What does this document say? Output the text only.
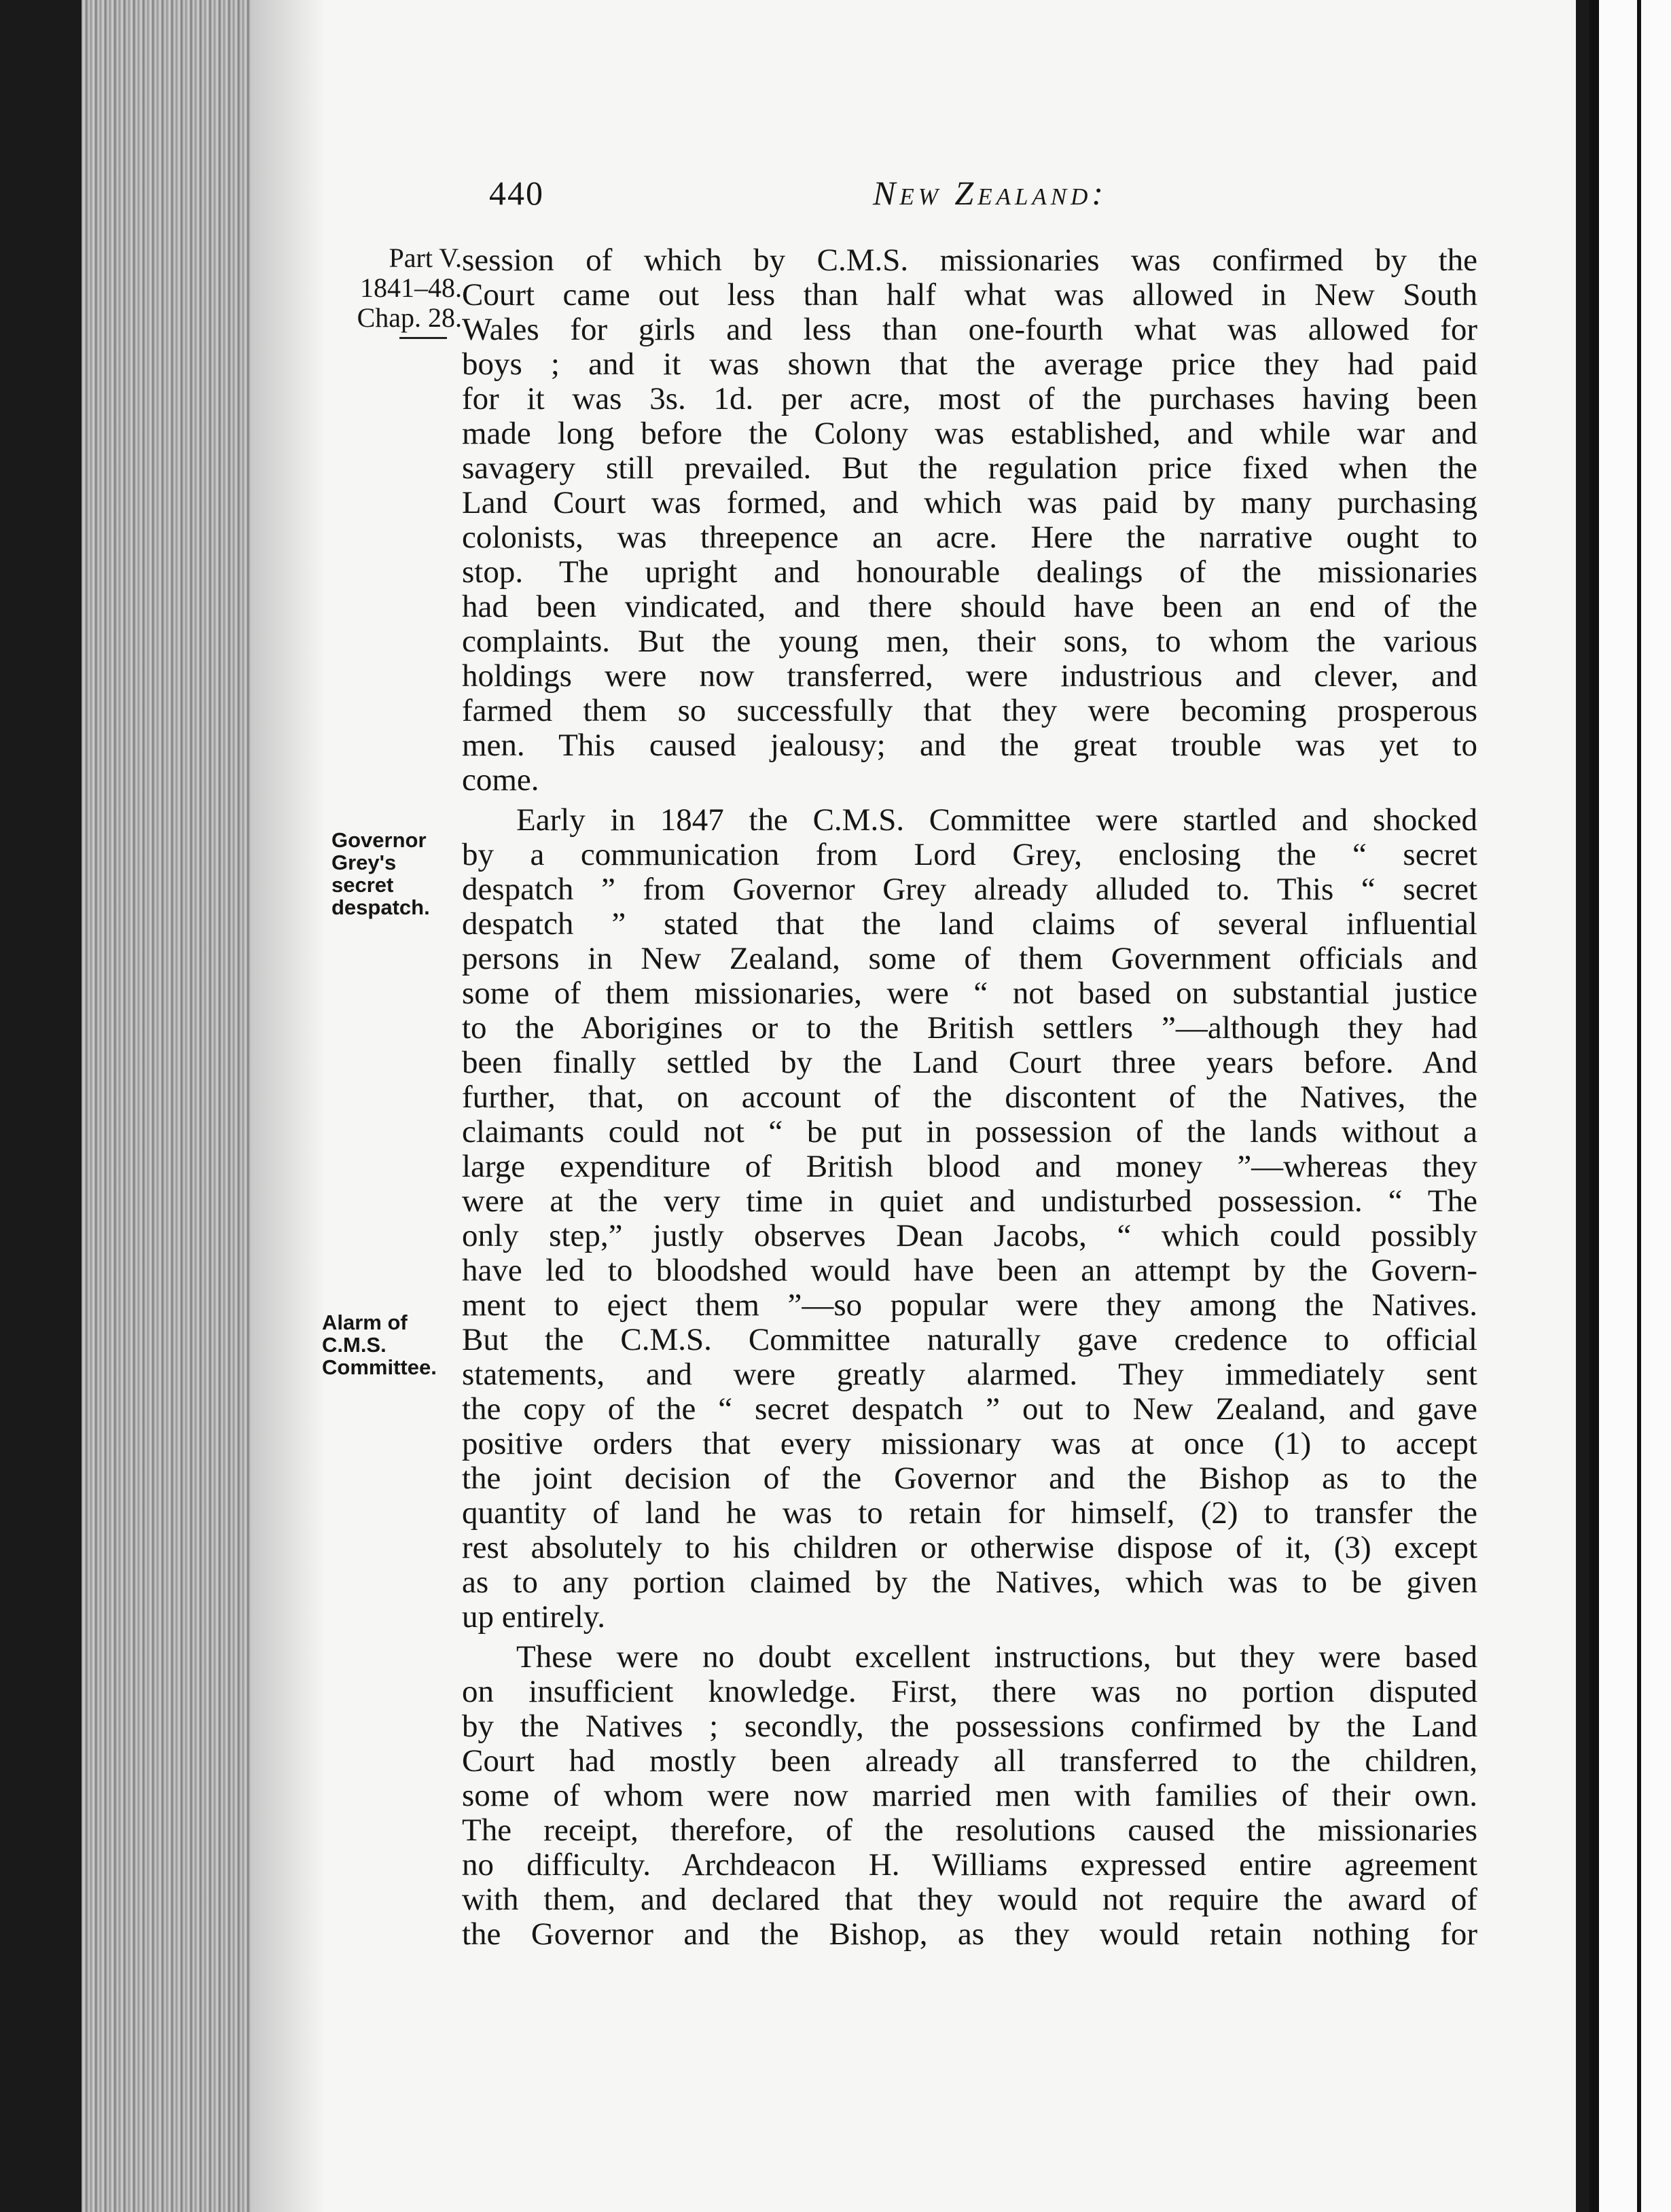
440	New Zealand:
Part V.
1841–48.
Chap. 28.
Governor
Grey's
secret
despatch.
Alarm of
C.M.S.
Committee.
session of which by C.M.S. missionaries was confirmed by the
Court came out less than half what was allowed in New South
Wales for girls and less than one-fourth what was allowed for
boys ; and it was shown that the average price they had paid
for it was 3s. 1d. per acre, most of the purchases having been
made long before the Colony was established, and while war and
savagery still prevailed. But the regulation price fixed when the
Land Court was formed, and which was paid by many purchasing
colonists, was threepence an acre. Here the narrative ought to
stop. The upright and honourable dealings of the missionaries
had been vindicated, and there should have been an end of the
complaints. But the young men, their sons, to whom the various
holdings were now transferred, were industrious and clever, and
farmed them so successfully that they were becoming prosperous
men. This caused jealousy; and the great trouble was yet to
come.
Early in 1847 the C.M.S. Committee were startled and shocked
by a communication from Lord Grey, enclosing the “ secret
despatch ” from Governor Grey already alluded to. This “ secret
despatch ” stated that the land claims of several influential
persons in New Zealand, some of them Government officials and
some of them missionaries, were “ not based on substantial justice
to the Aborigines or to the British settlers ”—although they had
been finally settled by the Land Court three years before. And
further, that, on account of the discontent of the Natives, the
claimants could not “ be put in possession of the lands without a
large expenditure of British blood and money ”—whereas they
were at the very time in quiet and undisturbed possession. “ The
only step,” justly observes Dean Jacobs, “ which could possibly
have led to bloodshed would have been an attempt by the Govern-
ment to eject them ”—so popular were they among the Natives.
But the C.M.S. Committee naturally gave credence to official
statements, and were greatly alarmed. They immediately sent
the copy of the “ secret despatch ” out to New Zealand, and gave
positive orders that every missionary was at once (1) to accept
the joint decision of the Governor and the Bishop as to the
quantity of land he was to retain for himself, (2) to transfer the
rest absolutely to his children or otherwise dispose of it, (3) except
as to any portion claimed by the Natives, which was to be given
up entirely.
These were no doubt excellent instructions, but they were based
on insufficient knowledge. First, there was no portion disputed
by the Natives ; secondly, the possessions confirmed by the Land
Court had mostly been already all transferred to the children,
some of whom were now married men with families of their own.
The receipt, therefore, of the resolutions caused the missionaries
no difficulty. Archdeacon H. Williams expressed entire agreement
with them, and declared that they would not require the award of
the Governor and the Bishop, as they would retain nothing for
